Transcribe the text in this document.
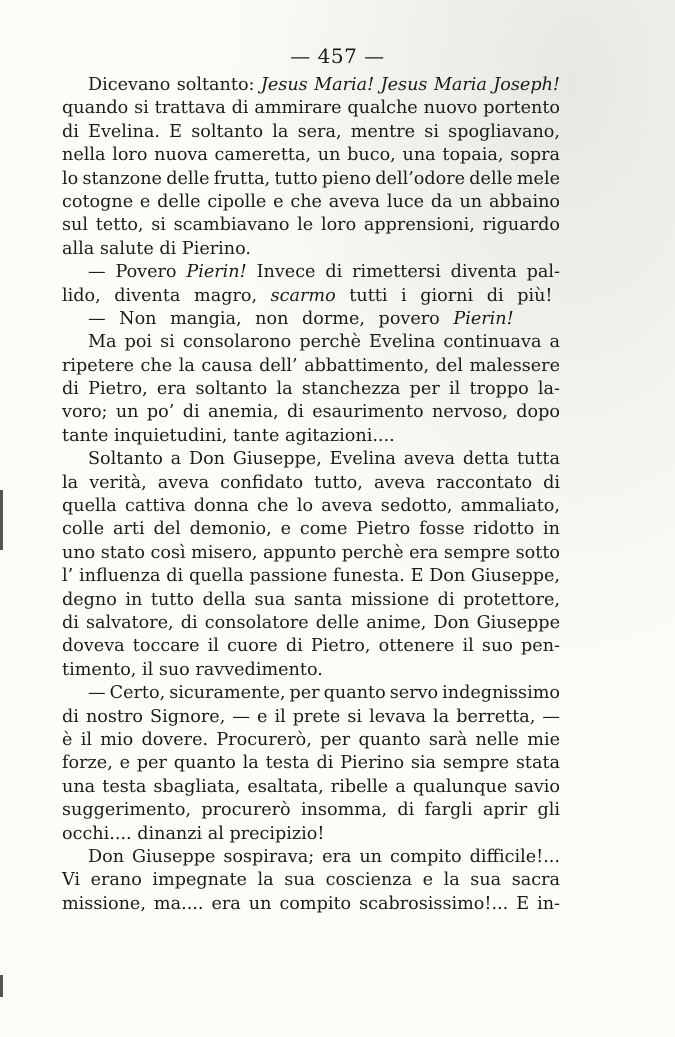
— 457 —
Dicevano soltanto: Jesus Maria! Jesus Maria Joseph!
quando si trattava di ammirare qualche nuovo portento
di Evelina. E soltanto la sera, mentre si spogliavano,
nella loro nuova cameretta, un buco, una topaia, sopra
lo stanzone delle frutta, tutto pieno dell’odore delle mele
cotogne e delle cipolle e che aveva luce da un abbaino
sul tetto, si scambiavano le loro apprensioni, riguardo
alla salute di Pierino.
— Povero Pierin! Invece di rimettersi diventa pal-
lido, diventa magro, scarmo tutti i giorni di più!
— Non mangia, non dorme, povero Pierin!
Ma poi si consolarono perchè Evelina continuava a
ripetere che la causa dell’ abbattimento, del malessere
di Pietro, era soltanto la stanchezza per il troppo la-
voro; un po’ di anemia, di esaurimento nervoso, dopo
tante inquietudini, tante agitazioni....
Soltanto a Don Giuseppe, Evelina aveva detta tutta
la verità, aveva confidato tutto, aveva raccontato di
quella cattiva donna che lo aveva sedotto, ammaliato,
colle arti del demonio, e come Pietro fosse ridotto in
uno stato così misero, appunto perchè era sempre sotto
l’ influenza di quella passione funesta. E Don Giuseppe,
degno in tutto della sua santa missione di protettore,
di salvatore, di consolatore delle anime, Don Giuseppe
doveva toccare il cuore di Pietro, ottenere il suo pen-
timento, il suo ravvedimento.
— Certo, sicuramente, per quanto servo indegnissimo
di nostro Signore, — e il prete si levava la berretta, —
è il mio dovere. Procurerò, per quanto sarà nelle mie
forze, e per quanto la testa di Pierino sia sempre stata
una testa sbagliata, esaltata, ribelle a qualunque savio
suggerimento, procurerò insomma, di fargli aprir gli
occhi.... dinanzi al precipizio!
Don Giuseppe sospirava; era un compito difficile!...
Vi erano impegnate la sua coscienza e la sua sacra
missione, ma.... era un compito scabrosissimo!... E in-
